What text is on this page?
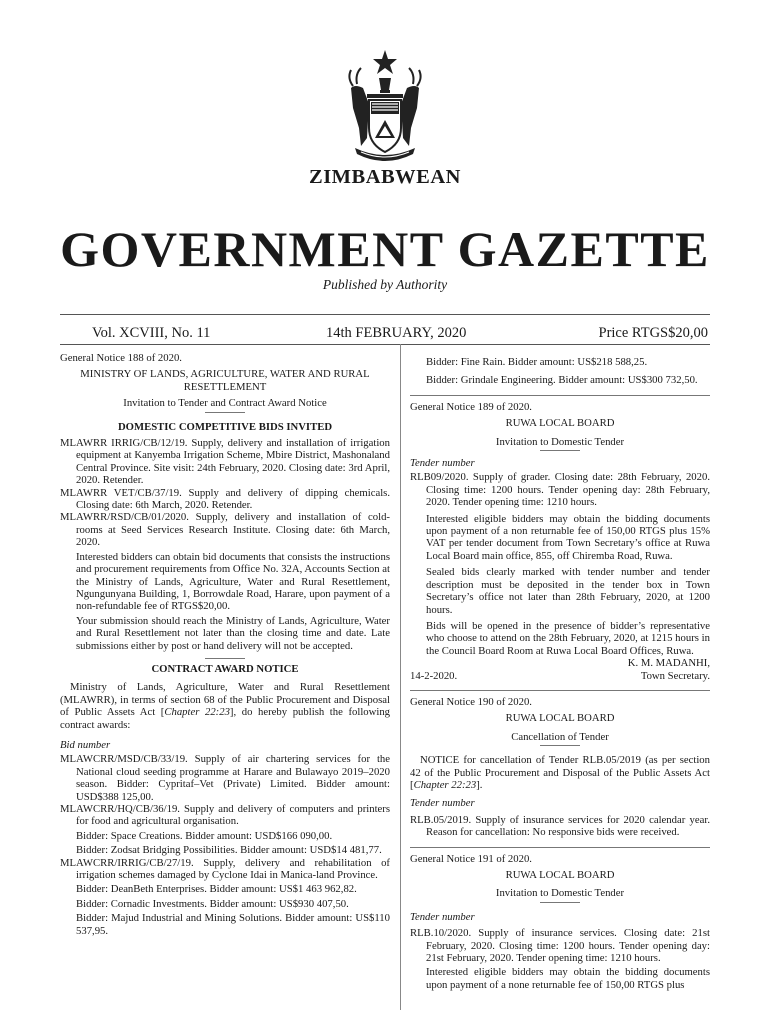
ZIMBABWEAN
GOVERNMENT GAZETTE
Published by Authority
Vol. XCVIII, No. 11	14th FEBRUARY, 2020	Price RTGS$20,00

General Notice 188 of 2020.

MINISTRY OF LANDS, AGRICULTURE, WATER AND RURAL RESETTLEMENT

Invitation to Tender and Contract Award Notice

DOMESTIC COMPETITIVE BIDS INVITED

MLAWRR IRRIG/CB/12/19. Supply, delivery and installation of irrigation equipment at Kanyemba Irrigation Scheme, Mbire District, Mashonaland Central Province. Site visit: 24th February, 2020. Closing date: 3rd April, 2020. Retender.

MLAWRR VET/CB/37/19. Supply and delivery of dipping chemicals. Closing date: 6th March, 2020. Retender.

MLAWRR/RSD/CB/01/2020. Supply, delivery and installation of cold-rooms at Seed Services Research Institute. Closing date: 6th March, 2020.

Interested bidders can obtain bid documents that consists the instructions and procurement requirements from Office No. 32A, Accounts Section at the Ministry of Lands, Agriculture, Water and Rural Resettlement, Ngungunyana Building, 1, Borrowdale Road, Harare, upon payment of a non-refundable fee of RTGS$20,00.

Your submission should reach the Ministry of Lands, Agriculture, Water and Rural Resettlement not later than the closing time and date. Late submissions either by post or hand delivery will not be accepted.

CONTRACT AWARD NOTICE

Ministry of Lands, Agriculture, Water and Rural Resettlement (MLAWRR), in terms of section 68 of the Public Procurement and Disposal of Public Assets Act [Chapter 22:23], do hereby publish the following contract awards:

Bid number

MLAWCRR/MSD/CB/33/19. Supply of air chartering services for the National cloud seeding programme at Harare and Bulawayo 2019–2020 season. Bidder: Cypritaf–Vet (Private) Limited. Bidder amount: USD$388 125,00.

MLAWCRR/HQ/CB/36/19. Supply and delivery of computers and printers for food and agricultural organisation.

Bidder: Space Creations. Bidder amount: USD$166 090,00.

Bidder: Zodsat Bridging Possibilities. Bidder amount: USD$14 481,77.

MLAWCRR/IRRIG/CB/27/19. Supply, delivery and rehabilitation of irrigation schemes damaged by Cyclone Idai in Manica-land Province.

Bidder: DeanBeth Enterprises. Bidder amount: US$1 463 962,82.

Bidder: Cornadic Investments. Bidder amount: US$930 407,50.

Bidder: Majud Industrial and Mining Solutions. Bidder amount: US$110 537,95.

Bidder: Fine Rain. Bidder amount: US$218 588,25.

Bidder: Grindale Engineering. Bidder amount: US$300 732,50.

General Notice 189 of 2020.

RUWA LOCAL BOARD

Invitation to Domestic Tender

Tender number

RLB09/2020. Supply of grader. Closing date: 28th February, 2020. Closing time: 1200 hours. Tender opening day: 28th February, 2020. Tender opening time: 1210 hours.

Interested eligible bidders may obtain the bidding documents upon payment of a non returnable fee of 150,00 RTGS plus 15% VAT per tender document from Town Secretary’s office at Ruwa Local Board main office, 855, off Chiremba Road, Ruwa.

Sealed bids clearly marked with tender number and tender description must be deposited in the tender box in Town Secretary’s office not later than 28th February, 2020, at 1200 hours.

Bids will be opened in the presence of bidder’s representative who choose to attend on the 28th February, 2020, at 1215 hours in the Council Board Room at Ruwa Local Board Offices, Ruwa.

K. M. MADANHI,

14-2-2020.	Town Secretary.

General Notice 190 of 2020.

RUWA LOCAL BOARD

Cancellation of Tender

NOTICE for cancellation of Tender RLB.05/2019 (as per section 42 of the Public Procurement and Disposal of the Public Assets Act [Chapter 22:23].

Tender number

RLB.05/2019. Supply of insurance services for 2020 calendar year. Reason for cancellation: No responsive bids were received.

General Notice 191 of 2020.

RUWA LOCAL BOARD

Invitation to Domestic Tender

Tender number

RLB.10/2020. Supply of insurance services. Closing date: 21st February, 2020. Closing time: 1200 hours. Tender opening day: 21st February, 2020. Tender opening time: 1210 hours.

Interested eligible bidders may obtain the bidding documents upon payment of a none returnable fee of 150,00 RTGS plus
